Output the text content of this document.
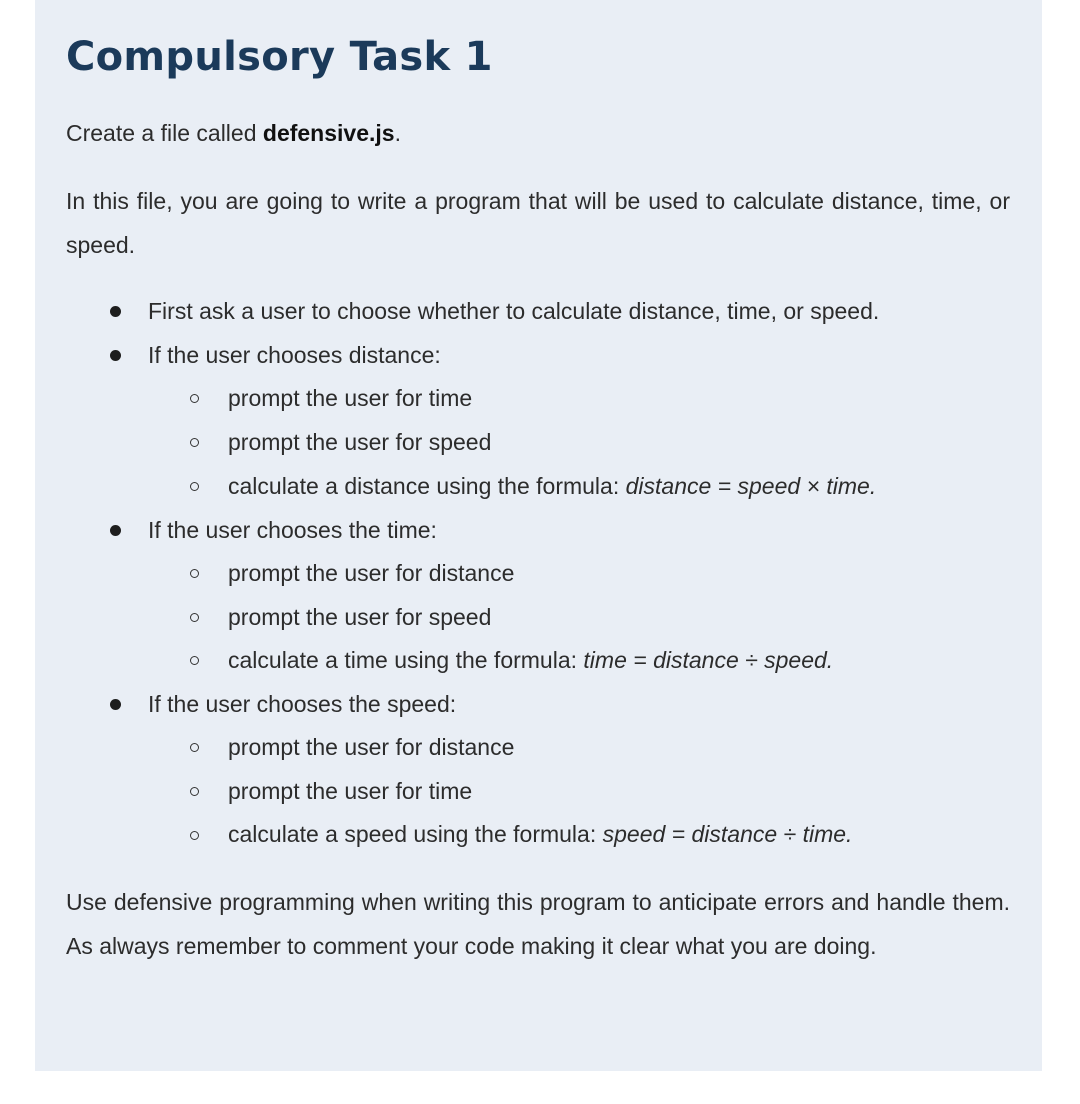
Compulsory Task 1

Create a file called defensive.js.

In this file, you are going to write a program that will be used to calculate distance, time, or speed.

First ask a user to choose whether to calculate distance, time, or speed.
If the user chooses distance:
prompt the user for time
prompt the user for speed
calculate a distance using the formula: distance = speed × time.
If the user chooses the time:
prompt the user for distance
prompt the user for speed
calculate a time using the formula: time = distance ÷ speed.
If the user chooses the speed:
prompt the user for distance
prompt the user for time
calculate a speed using the formula: speed = distance ÷ time.

Use defensive programming when writing this program to anticipate errors and handle them. As always remember to comment your code making it clear what you are doing.
